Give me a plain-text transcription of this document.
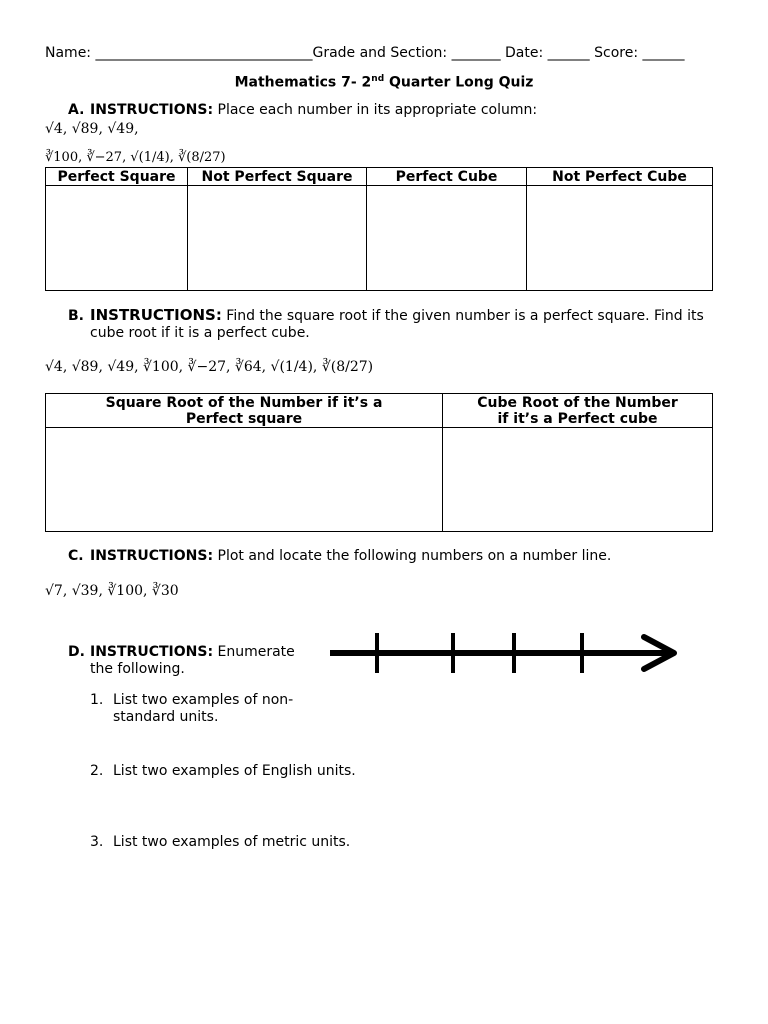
Name: _______________________________Grade and Section: _______ Date: ______ Score: ______
Mathematics 7- 2nd Quarter Long Quiz
A. INSTRUCTIONS: Place each number in its appropriate column:
√4, √89, √49,
∛100, ∛−27, √(1/4), ∛(8/27)
Perfect Square	Not Perfect Square	Perfect Cube	Not Perfect Cube

B. INSTRUCTIONS: Find the square root if the given number is a perfect square. Find its
cube root if it is a perfect cube.
√4, √89, √49, ∛100, ∛−27, ∛64, √(1/4), ∛(8/27)
Square Root of the Number if it’s a Perfect square	Cube Root of the Number if it’s a Perfect cube

C. INSTRUCTIONS: Plot and locate the following numbers on a number line.
√7, √39, ∛100, ∛30
D. INSTRUCTIONS: Enumerate
the following.
1. List two examples of non-
standard units.
2. List two examples of English units.
3. List two examples of metric units.
